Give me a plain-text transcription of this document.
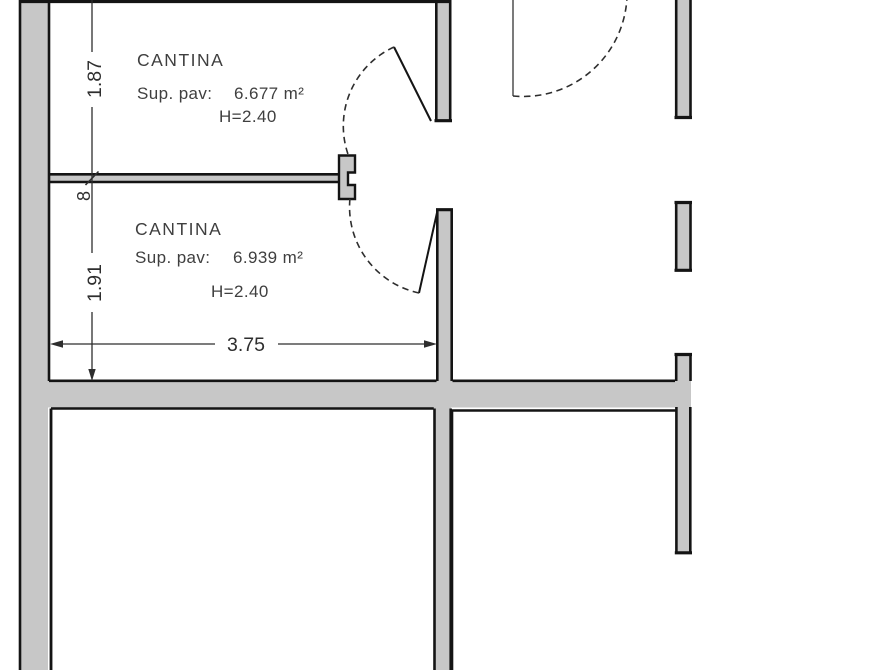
1.87
8
1.91
3.75
CANTINA
Sup. pav: 6.677 m²
H=2.40
CANTINA
Sup. pav: 6.939 m²
H=2.40
